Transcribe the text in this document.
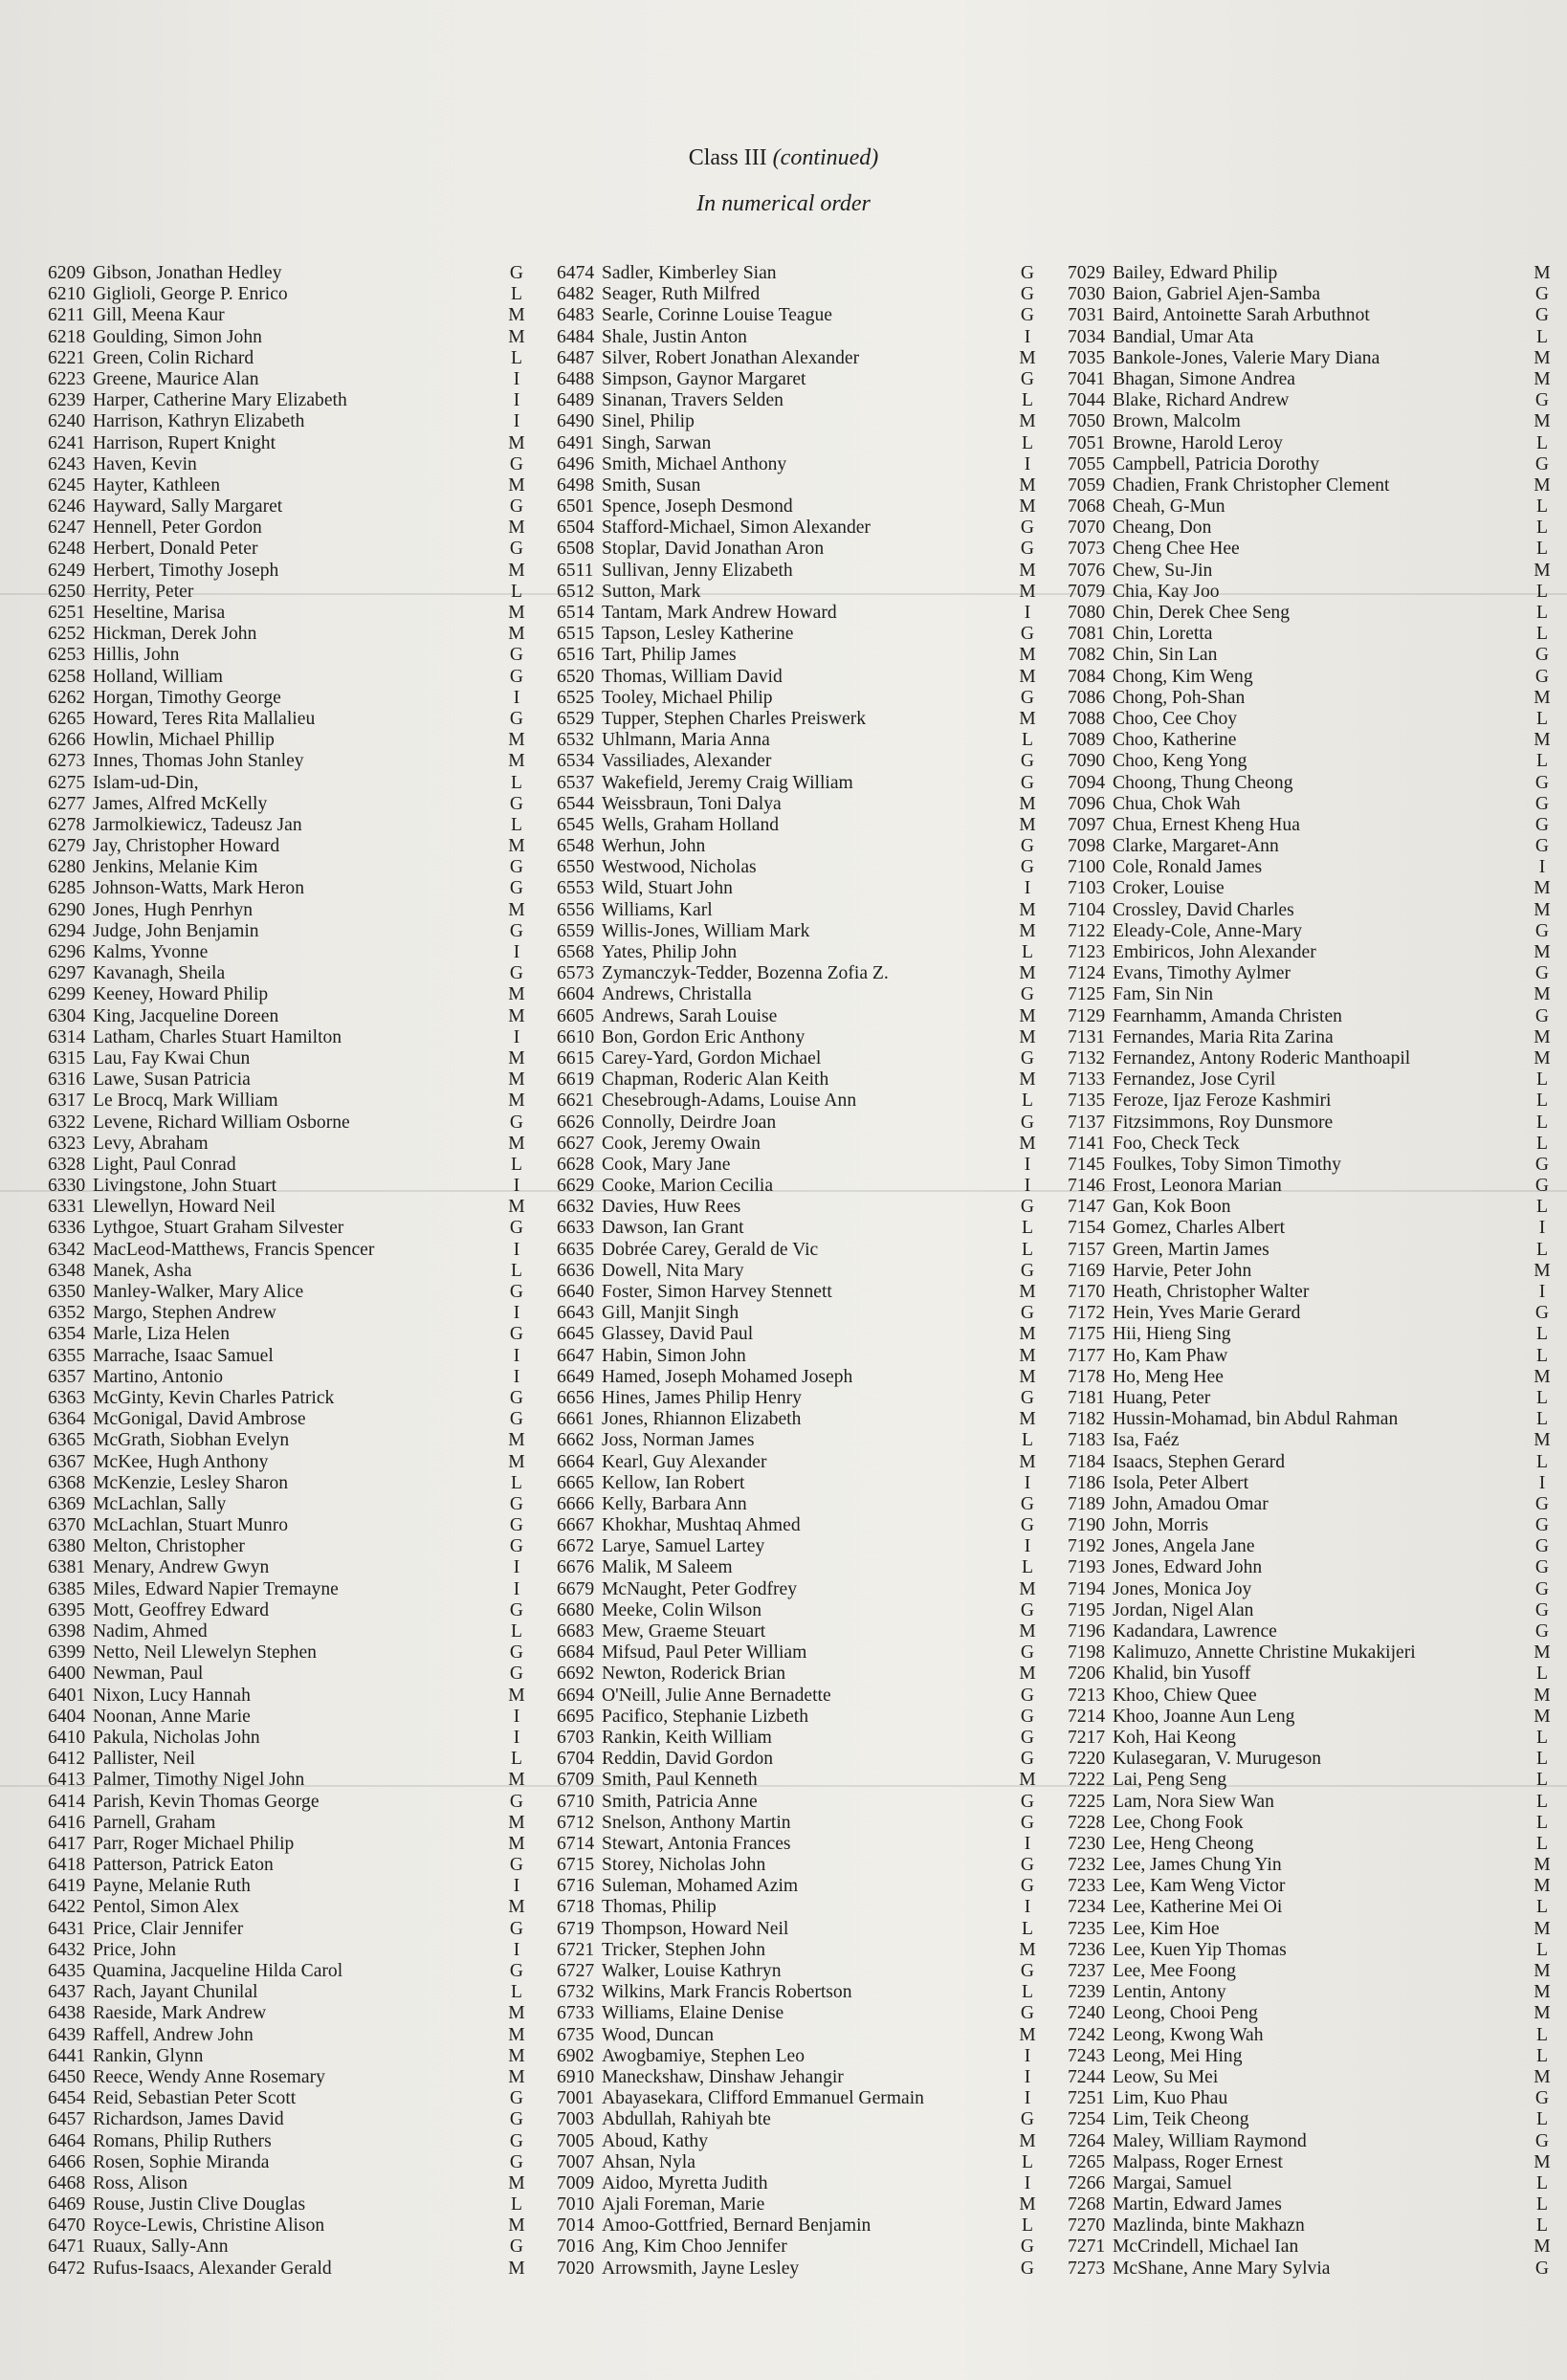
Class III (continued)
In numerical order
6209 Gibson, Jonathan Hedley	G
6210 Giglioli, George P. Enrico	L
6211 Gill, Meena Kaur	M
6218 Goulding, Simon John	M
6221 Green, Colin Richard	L
6223 Greene, Maurice Alan	I
6239 Harper, Catherine Mary Elizabeth	I
6240 Harrison, Kathryn Elizabeth	I
6241 Harrison, Rupert Knight	M
6243 Haven, Kevin	G
6245 Hayter, Kathleen	M
6246 Hayward, Sally Margaret	G
6247 Hennell, Peter Gordon	M
6248 Herbert, Donald Peter	G
6249 Herbert, Timothy Joseph	M
6250 Herrity, Peter	L
6251 Heseltine, Marisa	M
6252 Hickman, Derek John	M
6253 Hillis, John	G
6258 Holland, William	G
6262 Horgan, Timothy George	I
6265 Howard, Teres Rita Mallalieu	G
6266 Howlin, Michael Phillip	M
6273 Innes, Thomas John Stanley	M
6275 Islam-ud-Din,	L
6277 James, Alfred McKelly	G
6278 Jarmolkiewicz, Tadeusz Jan	L
6279 Jay, Christopher Howard	M
6280 Jenkins, Melanie Kim	G
6285 Johnson-Watts, Mark Heron	G
6290 Jones, Hugh Penrhyn	M
6294 Judge, John Benjamin	G
6296 Kalms, Yvonne	I
6297 Kavanagh, Sheila	G
6299 Keeney, Howard Philip	M
6304 King, Jacqueline Doreen	M
6314 Latham, Charles Stuart Hamilton	I
6315 Lau, Fay Kwai Chun	M
6316 Lawe, Susan Patricia	M
6317 Le Brocq, Mark William	M
6322 Levene, Richard William Osborne	G
6323 Levy, Abraham	M
6328 Light, Paul Conrad	L
6330 Livingstone, John Stuart	I
6331 Llewellyn, Howard Neil	M
6336 Lythgoe, Stuart Graham Silvester	G
6342 MacLeod-Matthews, Francis Spencer	I
6348 Manek, Asha	L
6350 Manley-Walker, Mary Alice	G
6352 Margo, Stephen Andrew	I
6354 Marle, Liza Helen	G
6355 Marrache, Isaac Samuel	I
6357 Martino, Antonio	I
6363 McGinty, Kevin Charles Patrick	G
6364 McGonigal, David Ambrose	G
6365 McGrath, Siobhan Evelyn	M
6367 McKee, Hugh Anthony	M
6368 McKenzie, Lesley Sharon	L
6369 McLachlan, Sally	G
6370 McLachlan, Stuart Munro	G
6380 Melton, Christopher	G
6381 Menary, Andrew Gwyn	I
6385 Miles, Edward Napier Tremayne	I
6395 Mott, Geoffrey Edward	G
6398 Nadim, Ahmed	L
6399 Netto, Neil Llewelyn Stephen	G
6400 Newman, Paul	G
6401 Nixon, Lucy Hannah	M
6404 Noonan, Anne Marie	I
6410 Pakula, Nicholas John	I
6412 Pallister, Neil	L
6413 Palmer, Timothy Nigel John	M
6414 Parish, Kevin Thomas George	G
6416 Parnell, Graham	M
6417 Parr, Roger Michael Philip	M
6418 Patterson, Patrick Eaton	G
6419 Payne, Melanie Ruth	I
6422 Pentol, Simon Alex	M
6431 Price, Clair Jennifer	G
6432 Price, John	I
6435 Quamina, Jacqueline Hilda Carol	G
6437 Rach, Jayant Chunilal	L
6438 Raeside, Mark Andrew	M
6439 Raffell, Andrew John	M
6441 Rankin, Glynn	M
6450 Reece, Wendy Anne Rosemary	M
6454 Reid, Sebastian Peter Scott	G
6457 Richardson, James David	G
6464 Romans, Philip Ruthers	G
6466 Rosen, Sophie Miranda	G
6468 Ross, Alison	M
6469 Rouse, Justin Clive Douglas	L
6470 Royce-Lewis, Christine Alison	M
6471 Ruaux, Sally-Ann	G
6472 Rufus-Isaacs, Alexander Gerald	M
6474 Sadler, Kimberley Sian	G
6482 Seager, Ruth Milfred	G
6483 Searle, Corinne Louise Teague	G
6484 Shale, Justin Anton	I
6487 Silver, Robert Jonathan Alexander	M
6488 Simpson, Gaynor Margaret	G
6489 Sinanan, Travers Selden	L
6490 Sinel, Philip	M
6491 Singh, Sarwan	L
6496 Smith, Michael Anthony	I
6498 Smith, Susan	M
6501 Spence, Joseph Desmond	M
6504 Stafford-Michael, Simon Alexander	G
6508 Stoplar, David Jonathan Aron	G
6511 Sullivan, Jenny Elizabeth	M
6512 Sutton, Mark	M
6514 Tantam, Mark Andrew Howard	I
6515 Tapson, Lesley Katherine	G
6516 Tart, Philip James	M
6520 Thomas, William David	M
6525 Tooley, Michael Philip	G
6529 Tupper, Stephen Charles Preiswerk	M
6532 Uhlmann, Maria Anna	L
6534 Vassiliades, Alexander	G
6537 Wakefield, Jeremy Craig William	G
6544 Weissbraun, Toni Dalya	M
6545 Wells, Graham Holland	M
6548 Werhun, John	G
6550 Westwood, Nicholas	G
6553 Wild, Stuart John	I
6556 Williams, Karl	M
6559 Willis-Jones, William Mark	M
6568 Yates, Philip John	L
6573 Zymanczyk-Tedder, Bozenna Zofia Z.	M
6604 Andrews, Christalla	G
6605 Andrews, Sarah Louise	M
6610 Bon, Gordon Eric Anthony	M
6615 Carey-Yard, Gordon Michael	G
6619 Chapman, Roderic Alan Keith	M
6621 Chesebrough-Adams, Louise Ann	L
6626 Connolly, Deirdre Joan	G
6627 Cook, Jeremy Owain	M
6628 Cook, Mary Jane	I
6629 Cooke, Marion Cecilia	I
6632 Davies, Huw Rees	G
6633 Dawson, Ian Grant	L
6635 Dobrée Carey, Gerald de Vic	L
6636 Dowell, Nita Mary	G
6640 Foster, Simon Harvey Stennett	M
6643 Gill, Manjit Singh	G
6645 Glassey, David Paul	M
6647 Habin, Simon John	M
6649 Hamed, Joseph Mohamed Joseph	M
6656 Hines, James Philip Henry	G
6661 Jones, Rhiannon Elizabeth	M
6662 Joss, Norman James	L
6664 Kearl, Guy Alexander	M
6665 Kellow, Ian Robert	I
6666 Kelly, Barbara Ann	G
6667 Khokhar, Mushtaq Ahmed	G
6672 Larye, Samuel Lartey	I
6676 Malik, M Saleem	L
6679 McNaught, Peter Godfrey	M
6680 Meeke, Colin Wilson	G
6683 Mew, Graeme Steuart	M
6684 Mifsud, Paul Peter William	G
6692 Newton, Roderick Brian	M
6694 O'Neill, Julie Anne Bernadette	G
6695 Pacifico, Stephanie Lizbeth	G
6703 Rankin, Keith William	G
6704 Reddin, David Gordon	G
6709 Smith, Paul Kenneth	M
6710 Smith, Patricia Anne	G
6712 Snelson, Anthony Martin	G
6714 Stewart, Antonia Frances	I
6715 Storey, Nicholas John	G
6716 Suleman, Mohamed Azim	G
6718 Thomas, Philip	I
6719 Thompson, Howard Neil	L
6721 Tricker, Stephen John	M
6727 Walker, Louise Kathryn	G
6732 Wilkins, Mark Francis Robertson	L
6733 Williams, Elaine Denise	G
6735 Wood, Duncan	M
6902 Awogbamiye, Stephen Leo	I
6910 Maneckshaw, Dinshaw Jehangir	I
7001 Abayasekara, Clifford Emmanuel Germain	I
7003 Abdullah, Rahiyah bte	G
7005 Aboud, Kathy	M
7007 Ahsan, Nyla	L
7009 Aidoo, Myretta Judith	I
7010 Ajali Foreman, Marie	M
7014 Amoo-Gottfried, Bernard Benjamin	L
7016 Ang, Kim Choo Jennifer	G
7020 Arrowsmith, Jayne Lesley	G
7029 Bailey, Edward Philip	M
7030 Baion, Gabriel Ajen-Samba	G
7031 Baird, Antoinette Sarah Arbuthnot	G
7034 Bandial, Umar Ata	L
7035 Bankole-Jones, Valerie Mary Diana	M
7041 Bhagan, Simone Andrea	M
7044 Blake, Richard Andrew	G
7050 Brown, Malcolm	M
7051 Browne, Harold Leroy	L
7055 Campbell, Patricia Dorothy	G
7059 Chadien, Frank Christopher Clement	M
7068 Cheah, G-Mun	L
7070 Cheang, Don	L
7073 Cheng Chee Hee	L
7076 Chew, Su-Jin	M
7079 Chia, Kay Joo	L
7080 Chin, Derek Chee Seng	L
7081 Chin, Loretta	L
7082 Chin, Sin Lan	G
7084 Chong, Kim Weng	G
7086 Chong, Poh-Shan	M
7088 Choo, Cee Choy	L
7089 Choo, Katherine	M
7090 Choo, Keng Yong	L
7094 Choong, Thung Cheong	G
7096 Chua, Chok Wah	G
7097 Chua, Ernest Kheng Hua	G
7098 Clarke, Margaret-Ann	G
7100 Cole, Ronald James	I
7103 Croker, Louise	M
7104 Crossley, David Charles	M
7122 Eleady-Cole, Anne-Mary	G
7123 Embiricos, John Alexander	M
7124 Evans, Timothy Aylmer	G
7125 Fam, Sin Nin	M
7129 Fearnhamm, Amanda Christen	G
7131 Fernandes, Maria Rita Zarina	M
7132 Fernandez, Antony Roderic Manthoapil	M
7133 Fernandez, Jose Cyril	L
7135 Feroze, Ijaz Feroze Kashmiri	L
7137 Fitzsimmons, Roy Dunsmore	L
7141 Foo, Check Teck	L
7145 Foulkes, Toby Simon Timothy	G
7146 Frost, Leonora Marian	G
7147 Gan, Kok Boon	L
7154 Gomez, Charles Albert	I
7157 Green, Martin James	L
7169 Harvie, Peter John	M
7170 Heath, Christopher Walter	I
7172 Hein, Yves Marie Gerard	G
7175 Hii, Hieng Sing	L
7177 Ho, Kam Phaw	L
7178 Ho, Meng Hee	M
7181 Huang, Peter	L
7182 Hussin-Mohamad, bin Abdul Rahman	L
7183 Isa, Faéz	M
7184 Isaacs, Stephen Gerard	L
7186 Isola, Peter Albert	I
7189 John, Amadou Omar	G
7190 John, Morris	G
7192 Jones, Angela Jane	G
7193 Jones, Edward John	G
7194 Jones, Monica Joy	G
7195 Jordan, Nigel Alan	G
7196 Kadandara, Lawrence	G
7198 Kalimuzo, Annette Christine Mukakijeri	M
7206 Khalid, bin Yusoff	L
7213 Khoo, Chiew Quee	M
7214 Khoo, Joanne Aun Leng	M
7217 Koh, Hai Keong	L
7220 Kulasegaran, V. Murugeson	L
7222 Lai, Peng Seng	L
7225 Lam, Nora Siew Wan	L
7228 Lee, Chong Fook	L
7230 Lee, Heng Cheong	L
7232 Lee, James Chung Yin	M
7233 Lee, Kam Weng Victor	M
7234 Lee, Katherine Mei Oi	L
7235 Lee, Kim Hoe	M
7236 Lee, Kuen Yip Thomas	L
7237 Lee, Mee Foong	M
7239 Lentin, Antony	M
7240 Leong, Chooi Peng	M
7242 Leong, Kwong Wah	L
7243 Leong, Mei Hing	L
7244 Leow, Su Mei	M
7251 Lim, Kuo Phau	G
7254 Lim, Teik Cheong	L
7264 Maley, William Raymond	G
7265 Malpass, Roger Ernest	M
7266 Margai, Samuel	L
7268 Martin, Edward James	L
7270 Mazlinda, binte Makhazn	L
7271 McCrindell, Michael Ian	M
7273 McShane, Anne Mary Sylvia	G
